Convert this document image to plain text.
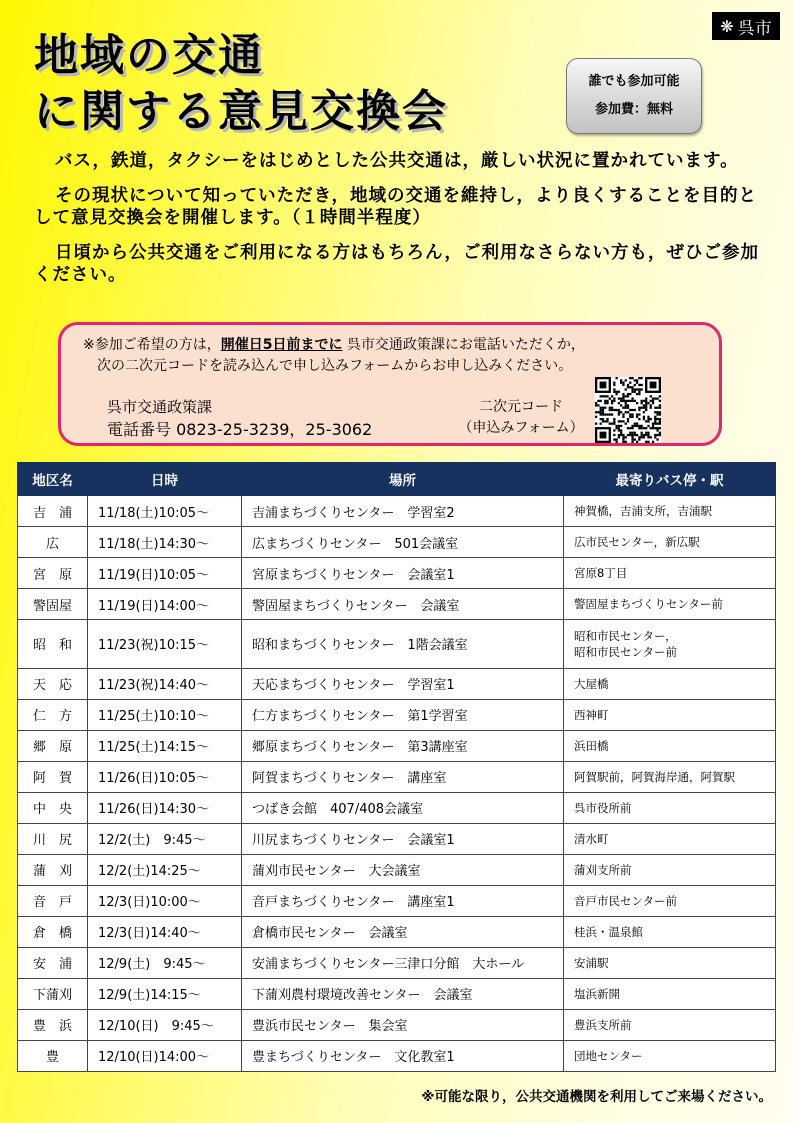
❋ 呉市
地域の交通
に関する意見交換会
誰でも参加可能
参加費：無料

バス，鉄道，タクシーをはじめとした公共交通は，厳しい状況に置かれています。

その現状について知っていただき，地域の交通を維持し，より良くすることを目的として意見交換会を開催します。（１時間半程度）

日頃から公共交通をご利用になる方はもちろん，ご利用なさらない方も，ぜひご参加ください。

※参加ご希望の方は，開催日5日前までに 呉市交通政策課にお電話いただくか，
次の二次元コードを読み込んで申し込みフォームからお申し込みください。
呉市交通政策課
電話番号 0823-25-3239，25-3062
二次元コード
（申込みフォーム）
地区名	日時	場所	最寄りバス停・駅
吉　浦	11/18(土)10:05～	吉浦まちづくりセンター　学習室2	神賀橋，吉浦支所，吉浦駅
広	11/18(土)14:30～	広まちづくりセンター　501会議室	広市民センター，新広駅
宮　原	11/19(日)10:05～	宮原まちづくりセンター　会議室1	宮原8丁目
警固屋	11/19(日)14:00～	警固屋まちづくりセンター　会議室	警固屋まちづくりセンター前
昭　和	11/23(祝)10:15～	昭和まちづくりセンター　1階会議室	昭和市民センター，
昭和市民センター前
天　応	11/23(祝)14:40～	天応まちづくりセンター　学習室1	大屋橋
仁　方	11/25(土)10:10～	仁方まちづくりセンター　第1学習室	西神町
郷　原	11/25(土)14:15～	郷原まちづくりセンター　第3講座室	浜田橋
阿　賀	11/26(日)10:05～	阿賀まちづくりセンター　講座室	阿賀駅前，阿賀海岸通，阿賀駅
中　央	11/26(日)14:30～	つばき会館　407/408会議室	呉市役所前
川　尻	12/2(土)　9:45～	川尻まちづくりセンター　会議室1	清水町
蒲　刈	12/2(土)14:25～	蒲刈市民センター　大会議室	蒲刈支所前
音　戸	12/3(日)10:00～	音戸まちづくりセンター　講座室1	音戸市民センター前
倉　橋	12/3(日)14:40～	倉橋市民センター　会議室	桂浜・温泉館
安　浦	12/9(土)　9:45～	安浦まちづくりセンター三津口分館　大ホール	安浦駅
下蒲刈	12/9(土)14:15～	下蒲刈農村環境改善センター　会議室	塩浜新開
豊　浜	12/10(日)　9:45～	豊浜市民センター　集会室	豊浜支所前
豊	12/10(日)14:00～	豊まちづくりセンター　文化教室1	団地センター
※可能な限り，公共交通機関を利用してご来場ください。
